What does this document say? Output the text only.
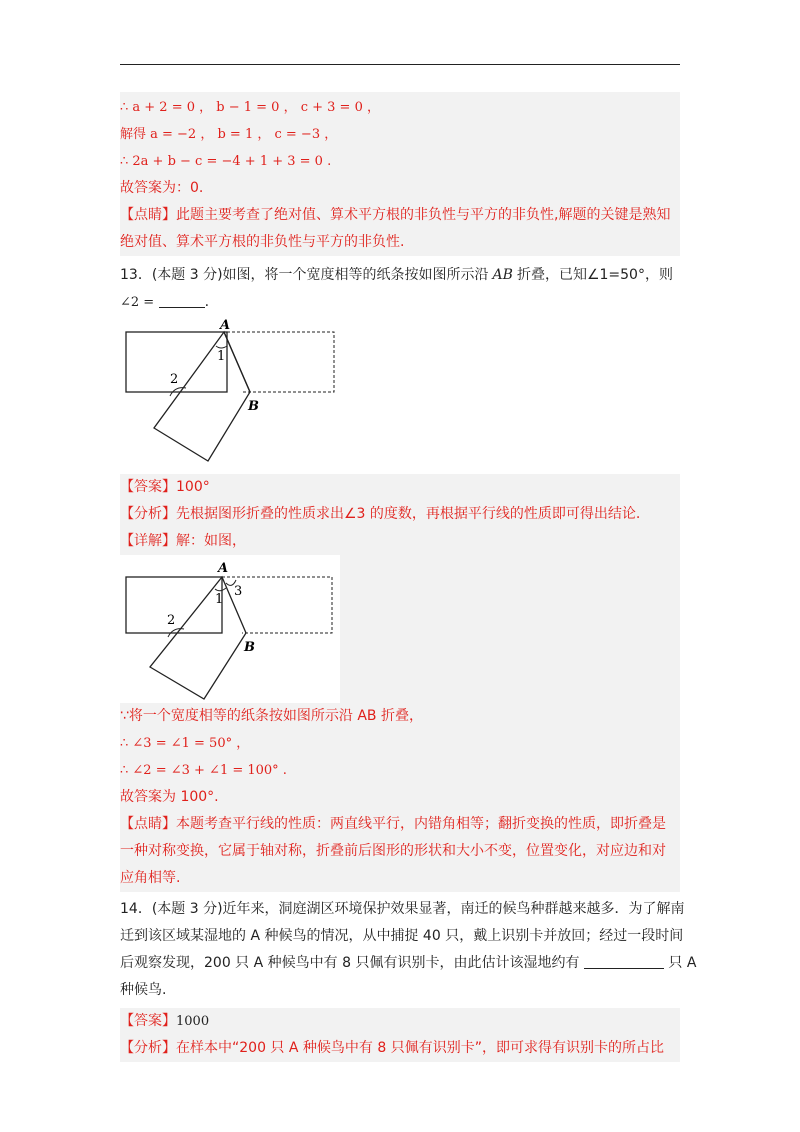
∴ a + 2 = 0 ， b − 1 = 0 ， c + 3 = 0 ，
解得 a = −2 ， b = 1 ， c = −3 ，
∴ 2a + b − c = −4 + 1 + 3 = 0 .
故答案为：0.
【点睛】此题主要考查了绝对值、算术平方根的非负性与平方的非负性,解题的关键是熟知
绝对值、算术平方根的非负性与平方的非负性.
13．(本题 3 分)如图，将一个宽度相等的纸条按如图所示沿 AB 折叠，已知∠1=50°，则
∠2 =	.
A
B
1
2
【答案】100°
【分析】先根据图形折叠的性质求出∠3 的度数，再根据平行线的性质即可得出结论.
【详解】解：如图，
A
B
1
3
2
∵将一个宽度相等的纸条按如图所示沿 AB 折叠，
∴ ∠3 = ∠1 = 50° ，
∴ ∠2 = ∠3 + ∠1 = 100° .
故答案为 100°.
【点睛】本题考查平行线的性质：两直线平行，内错角相等；翻折变换的性质，即折叠是
一种对称变换，它属于轴对称，折叠前后图形的形状和大小不变，位置变化，对应边和对
应角相等.
14．(本题 3 分)近年来，洞庭湖区环境保护效果显著，南迁的候鸟种群越来越多．为了解南
迁到该区域某湿地的 A 种候鸟的情况，从中捕捉 40 只，戴上识别卡并放回；经过一段时间
后观察发现，200 只 A 种候鸟中有 8 只佩有识别卡，由此估计该湿地约有	只 A
种候鸟.
【答案】1000
【分析】在样本中“200 只 A 种候鸟中有 8 只佩有识别卡”，即可求得有识别卡的所占比
